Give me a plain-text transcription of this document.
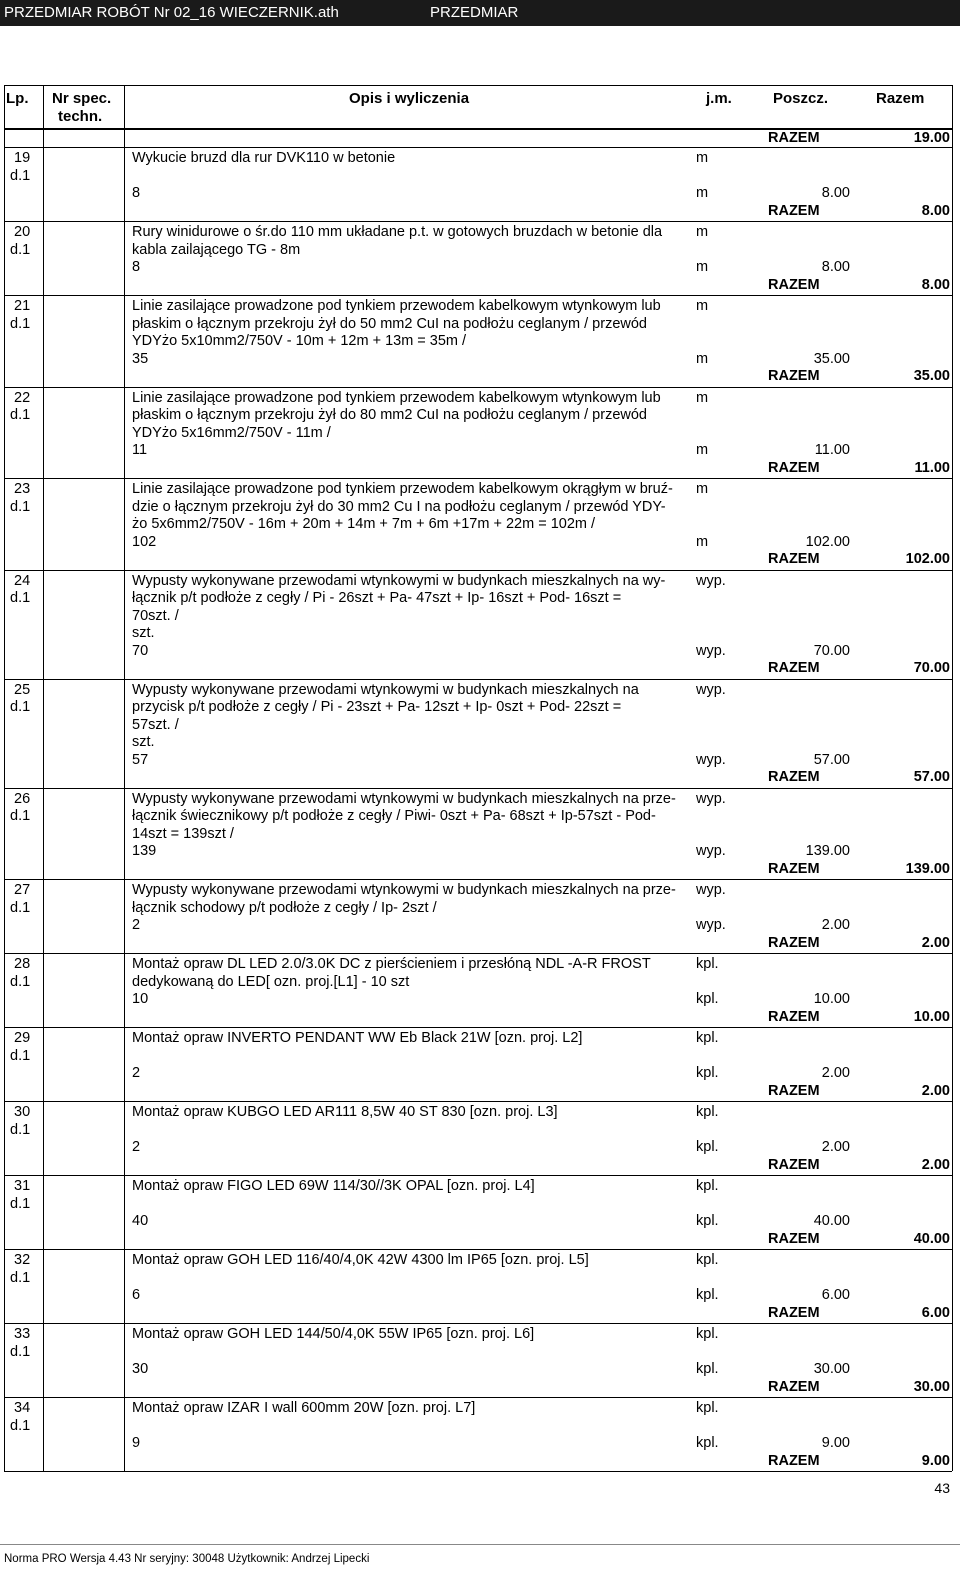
PRZEDMIAR ROBÓT Nr 02_16 WIECZERNIK.ath	PRZEDMIAR
Lp. Nr spec.
techn.
Opis i wyliczenia	j.m.	Poszcz.	Razem
RAZEM	19.00
19
d.1
Wykucie bruzd dla rur DVK110 w betonie	m
8	m	8.00
RAZEM	8.00
20
d.1
Rury winidurowe o śr.do 110 mm układane p.t. w gotowych bruzdach w betonie dla
kabla zailającego TG - 8m
m
8	m	8.00
RAZEM	8.00
21
d.1
Linie zasilające prowadzone pod tynkiem przewodem kabelkowym wtynkowym lub
płaskim o łącznym przekroju żył do 50 mm2 CuI na podłożu ceglanym / przewód
YDYżo 5x10mm2/750V - 10m + 12m + 13m = 35m /
m
35	m	35.00
RAZEM	35.00
22
d.1
Linie zasilające prowadzone pod tynkiem przewodem kabelkowym wtynkowym lub
płaskim o łącznym przekroju żył do 80 mm2 CuI na podłożu ceglanym / przewód
YDYżo 5x16mm2/750V - 11m /
m
11	m	11.00
RAZEM	11.00
23
d.1
Linie zasilające prowadzone pod tynkiem przewodem kabelkowym okrągłym w bruź-
dzie o łącznym przekroju żył do 30 mm2 Cu I na podłożu ceglanym / przewód YDY-
żo 5x6mm2/750V - 16m + 20m + 14m + 7m + 6m +17m + 22m = 102m /
m
102	m	102.00
RAZEM	102.00
24
d.1
Wypusty wykonywane przewodami wtynkowymi w budynkach mieszkalnych na wy-
łącznik p/t podłoże z cegły / Pi - 26szt + Pa- 47szt + Ip- 16szt + Pod- 16szt =
70szt. /
szt.
wyp.
70	wyp.	70.00
RAZEM	70.00
25
d.1
Wypusty wykonywane przewodami wtynkowymi w budynkach mieszkalnych na
przycisk p/t podłoże z cegły / Pi - 23szt + Pa- 12szt + Ip- 0szt + Pod- 22szt =
57szt. /
szt.
wyp.
57	wyp.	57.00
RAZEM	57.00
26
d.1
Wypusty wykonywane przewodami wtynkowymi w budynkach mieszkalnych na prze-
łącznik świecznikowy p/t podłoże z cegły / Piwi- 0szt + Pa- 68szt + Ip-57szt - Pod-
14szt = 139szt /
wyp.
139	wyp.	139.00
RAZEM	139.00
27
d.1
Wypusty wykonywane przewodami wtynkowymi w budynkach mieszkalnych na prze-
łącznik schodowy p/t podłoże z cegły / Ip- 2szt /
wyp.
2	wyp.	2.00
RAZEM	2.00
28
d.1
Montaż opraw DL LED 2.0/3.0K DC z pierścieniem i przesłóną NDL -A-R FROST
dedykowaną do LED[ ozn. proj.[L1] - 10 szt
kpl.
10	kpl.	10.00
RAZEM	10.00
29
d.1
Montaż opraw INVERTO PENDANT WW Eb Black 21W [ozn. proj. L2]	kpl.
2	kpl.	2.00
RAZEM	2.00
30
d.1
Montaż opraw KUBGO LED AR111 8,5W 40 ST 830 [ozn. proj. L3]	kpl.
2	kpl.	2.00
RAZEM	2.00
31
d.1
Montaż opraw FIGO LED 69W 114/30//3K OPAL [ozn. proj. L4]	kpl.
40	kpl.	40.00
RAZEM	40.00
32
d.1
Montaż opraw GOH LED 116/40/4,0K 42W 4300 lm IP65 [ozn. proj. L5]	kpl.
6	kpl.	6.00
RAZEM	6.00
33
d.1
Montaż opraw GOH LED 144/50/4,0K 55W IP65 [ozn. proj. L6]	kpl.
30	kpl.	30.00
RAZEM	30.00
34
d.1
Montaż opraw IZAR I wall 600mm 20W [ozn. proj. L7]	kpl.
9	kpl.	9.00
RAZEM	9.00
43
Norma PRO Wersja 4.43 Nr seryjny: 30048 Użytkownik: Andrzej Lipecki
